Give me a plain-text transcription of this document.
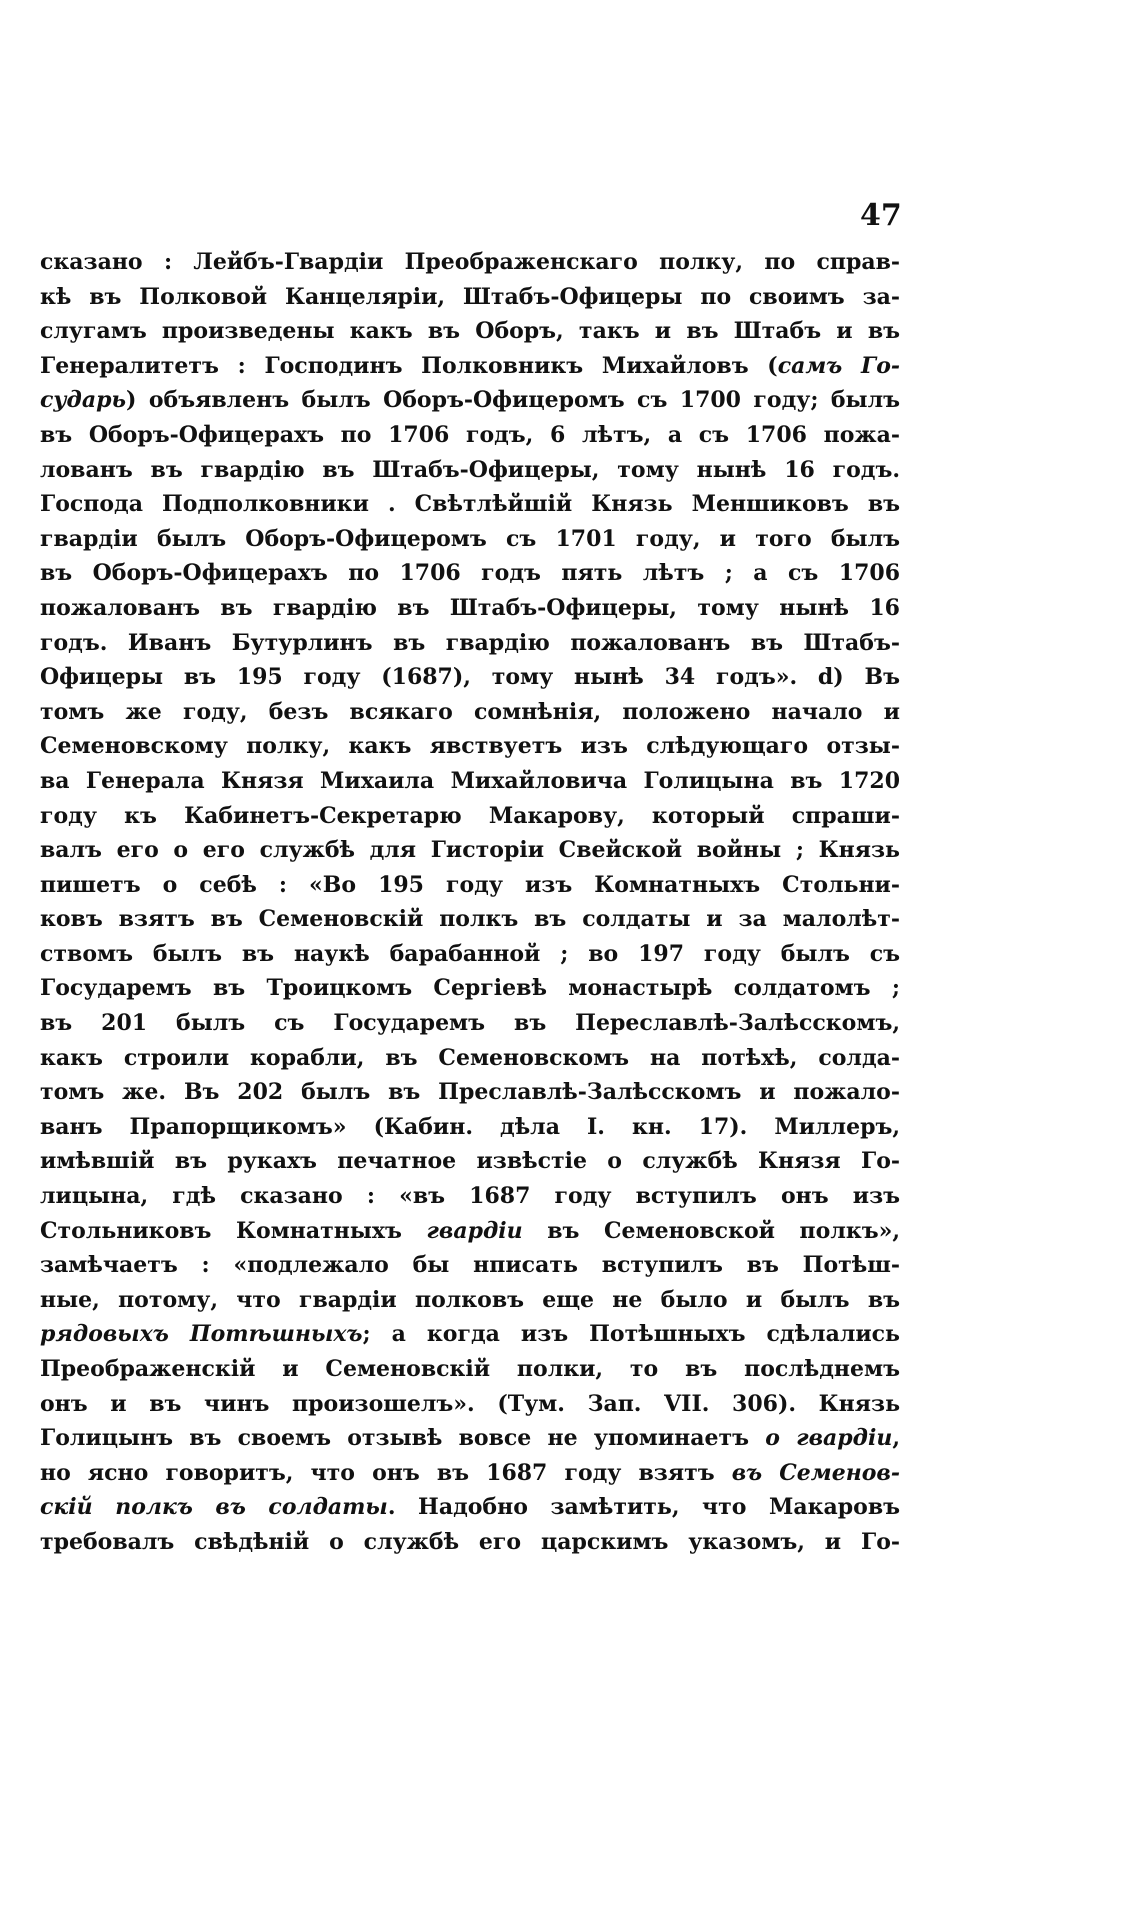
47
сказано : Лейбъ-Гвардіи Преображенскаго полку, по справ-
кѣ въ Полковой Канцеляріи, Штабъ-Офицеры по своимъ за-
слугамъ произведены какъ въ Оборъ, такъ и въ Штабъ и въ
Генералитетъ : Господинъ Полковникъ Михайловъ (самъ Го-
сударь) объявленъ былъ Оборъ-Офицеромъ съ 1700 году; былъ
въ Оборъ-Офицерахъ по 1706 годъ, 6 лѣтъ, а съ 1706 пожа-
лованъ въ гвардію въ Штабъ-Офицеры, тому нынѣ 16 годъ.
Господа Подполковники . Свѣтлѣйшій Князь Меншиковъ въ
гвардіи былъ Оборъ-Офицеромъ съ 1701 году, и того былъ
въ Оборъ-Офицерахъ по 1706 годъ пять лѣтъ ; а съ 1706
пожалованъ въ гвардію въ Штабъ-Офицеры, тому нынѣ 16
годъ. Иванъ Бутурлинъ въ гвардію пожалованъ въ Штабъ-
Офицеры въ 195 году (1687), тому нынѣ 34 годъ». d) Въ
томъ же году, безъ всякаго сомнѣнія, положено начало и
Семеновскому полку, какъ явствуетъ изъ слѣдующаго отзы-
ва Генерала Князя Михаила Михайловича Голицына въ 1720
году къ Кабинетъ-Секретарю Макарову, который спраши-
валъ его о его службѣ для Гисторіи Свейской войны ; Князь
пишетъ о себѣ : «Во 195 году изъ Комнатныхъ Стольни-
ковъ взятъ въ Семеновскій полкъ въ солдаты и за малолѣт-
ствомъ былъ въ наукѣ барабанной ; во 197 году былъ съ
Государемъ въ Троицкомъ Сергіевѣ монастырѣ солдатомъ ;
въ 201 былъ съ Государемъ въ Переславлѣ-Залѣсскомъ,
какъ строили корабли, въ Семеновскомъ на потѣхѣ, солда-
томъ же. Въ 202 былъ въ Преславлѣ-Залѣсскомъ и пожало-
ванъ Прапорщикомъ» (Кабин. дѣла I. кн. 17). Миллеръ,
имѣвшій въ рукахъ печатное извѣстіе о службѣ Князя Го-
лицына, гдѣ сказано : «въ 1687 году вступилъ онъ изъ
Стольниковъ Комнатныхъ гвардіи въ Семеновской полкъ»,
замѣчаетъ : «подлежало бы нписать вступилъ въ Потѣш-
ные, потому, что гвардіи полковъ еще не было и былъ въ
рядовыхъ Потѣшныхъ; а когда изъ Потѣшныхъ сдѣлались
Преображенскій и Семеновскій полки, то въ послѣднемъ
онъ и въ чинъ произошелъ». (Тум. Зап. VII. 306). Князь
Голицынъ въ своемъ отзывѣ вовсе не упоминаетъ о гвардіи,
но ясно говоритъ, что онъ въ 1687 году взятъ въ Семенов-
скій полкъ въ солдаты. Надобно замѣтить, что Макаровъ
требовалъ свѣдѣній о службѣ его царскимъ указомъ, и Го-
